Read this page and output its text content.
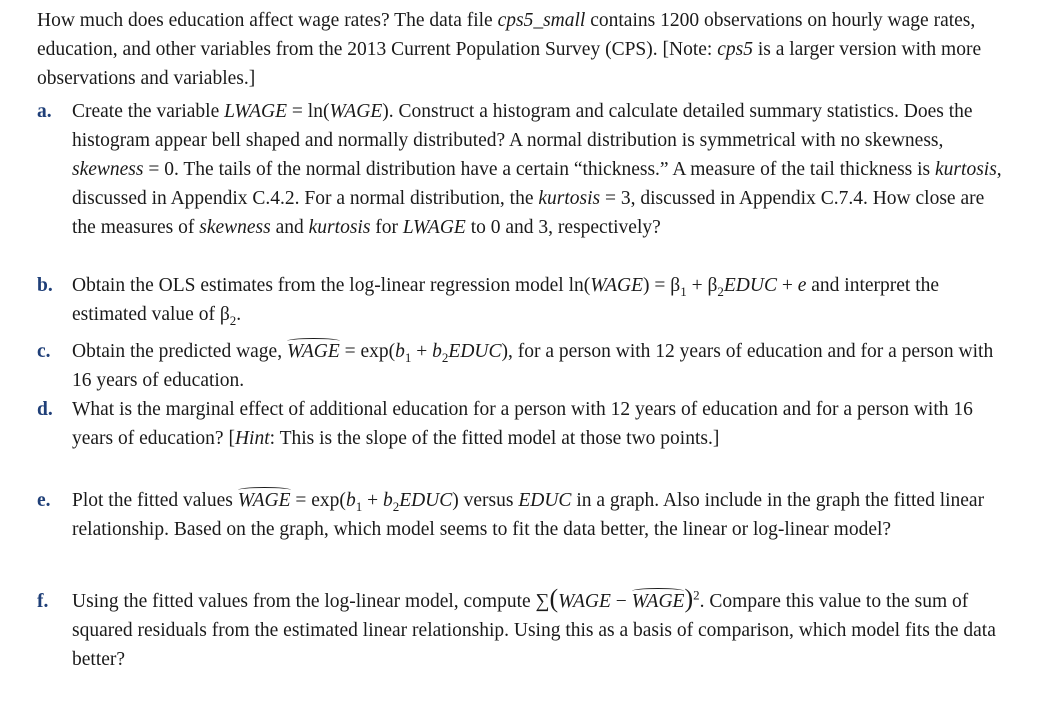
How much does education affect wage rates? The data file cps5_small contains 1200 observations on hourly wage rates, education, and other variables from the 2013 Current Population Survey (CPS). [Note: cps5 is a larger version with more observations and variables.]
a.	Create the variable LWAGE = ln(WAGE). Construct a histogram and calculate detailed summary statistics. Does the histogram appear bell shaped and normally distributed? A normal distribution is symmetrical with no skewness, skewness = 0. The tails of the normal distribution have a certain “thickness.” A measure of the tail thickness is kurtosis, discussed in Appendix C.4.2. For a normal distribution, the kurtosis = 3, discussed in Appendix C.7.4. How close are the measures of skewness and kurtosis for LWAGE to 0 and 3, respectively?
b. Obtain the OLS estimates from the log-linear regression model ln(WAGE) = $\beta_1$ + $\beta_2EDUC + e$ and interpret the estimated value of $\beta_2$.
c.	Obtain the predicted wage, WAGE = $\exp(b_1$ + $b_2EDUC$), for a person with 12 years of education and for a person with 16 years of education.
d. What is the marginal effect of additional education for a person with 12 years of education and for a person with 16 years of education? [Hint: This is the slope of the fitted model at those two points.]
e.	Plot the fitted values WAGE = $\exp(b_1$ + $b_2EDUC$) versus EDUC in a graph. Also include in the graph the fitted linear relationship. Based on the graph, which model seems to fit the data better, the linear or log-linear model?
f.	Using the fitted values from the log-linear model, compute ∑(WAGE − WAGE)$^2$. Compare this value to the sum of squared residuals from the estimated linear relationship. Using this as a basis of comparison, which model fits the data better?
